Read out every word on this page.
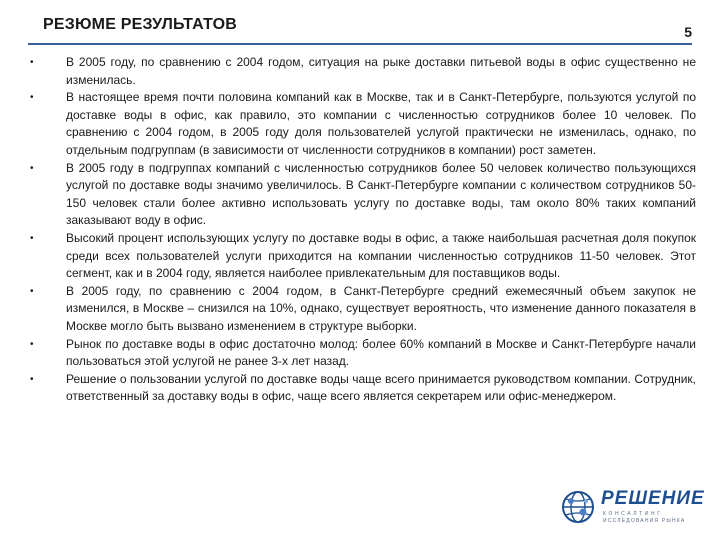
РЕЗЮМЕ РЕЗУЛЬТАТОВ	5
•	В 2005 году, по сравнению с 2004 годом, ситуация на рыке доставки питьевой воды в офис существенно не изменилась.
•	В настоящее время почти половина компаний как в Москве, так и в Санкт-Петербурге, пользуются услугой по доставке воды в офис, как правило, это компании с численностью сотрудников более 10 человек. По сравнению с 2004 годом, в 2005 году доля пользователей услугой практически не изменилась, однако, по отдельным подгруппам (в зависимости от численности сотрудников в компании) рост заметен.
•	В 2005 году в подгруппах компаний с численностью сотрудников более 50 человек количество пользующихся услугой по доставке воды значимо увеличилось. В Санкт-Петербурге компании с количеством сотрудников 50-150 человек стали более активно использовать услугу по доставке воды, там около 80% таких компаний заказывают воду в офис.
•	Высокий процент использующих услугу по доставке воды в офис, а также наибольшая расчетная доля покупок среди всех пользователей услуги приходится на компании численностью сотрудников 11-50 человек. Этот сегмент, как и в 2004 году, является наиболее привлекательным для поставщиков воды.
•	В 2005 году, по сравнению с 2004 годом, в Санкт-Петербурге средний ежемесячный объем закупок не изменился, в Москве – снизился на 10%, однако, существует вероятность, что изменение данного показателя в Москве могло быть вызвано изменением в структуре выборки.
•	Рынок по доставке воды в офис достаточно молод: более 60% компаний в Москве и Санкт-Петербурге начали пользоваться этой услугой не ранее 3-х лет назад.
•	Решение о пользовании услугой по доставке воды чаще всего принимается руководством компании. Сотрудник, ответственный за доставку воды в офис, чаще всего является секретарем или офис-менеджером.
РЕШЕНИЕ
КОНСАЛТИНГ
ИССЛЕДОВАНИЯ РЫНКА
